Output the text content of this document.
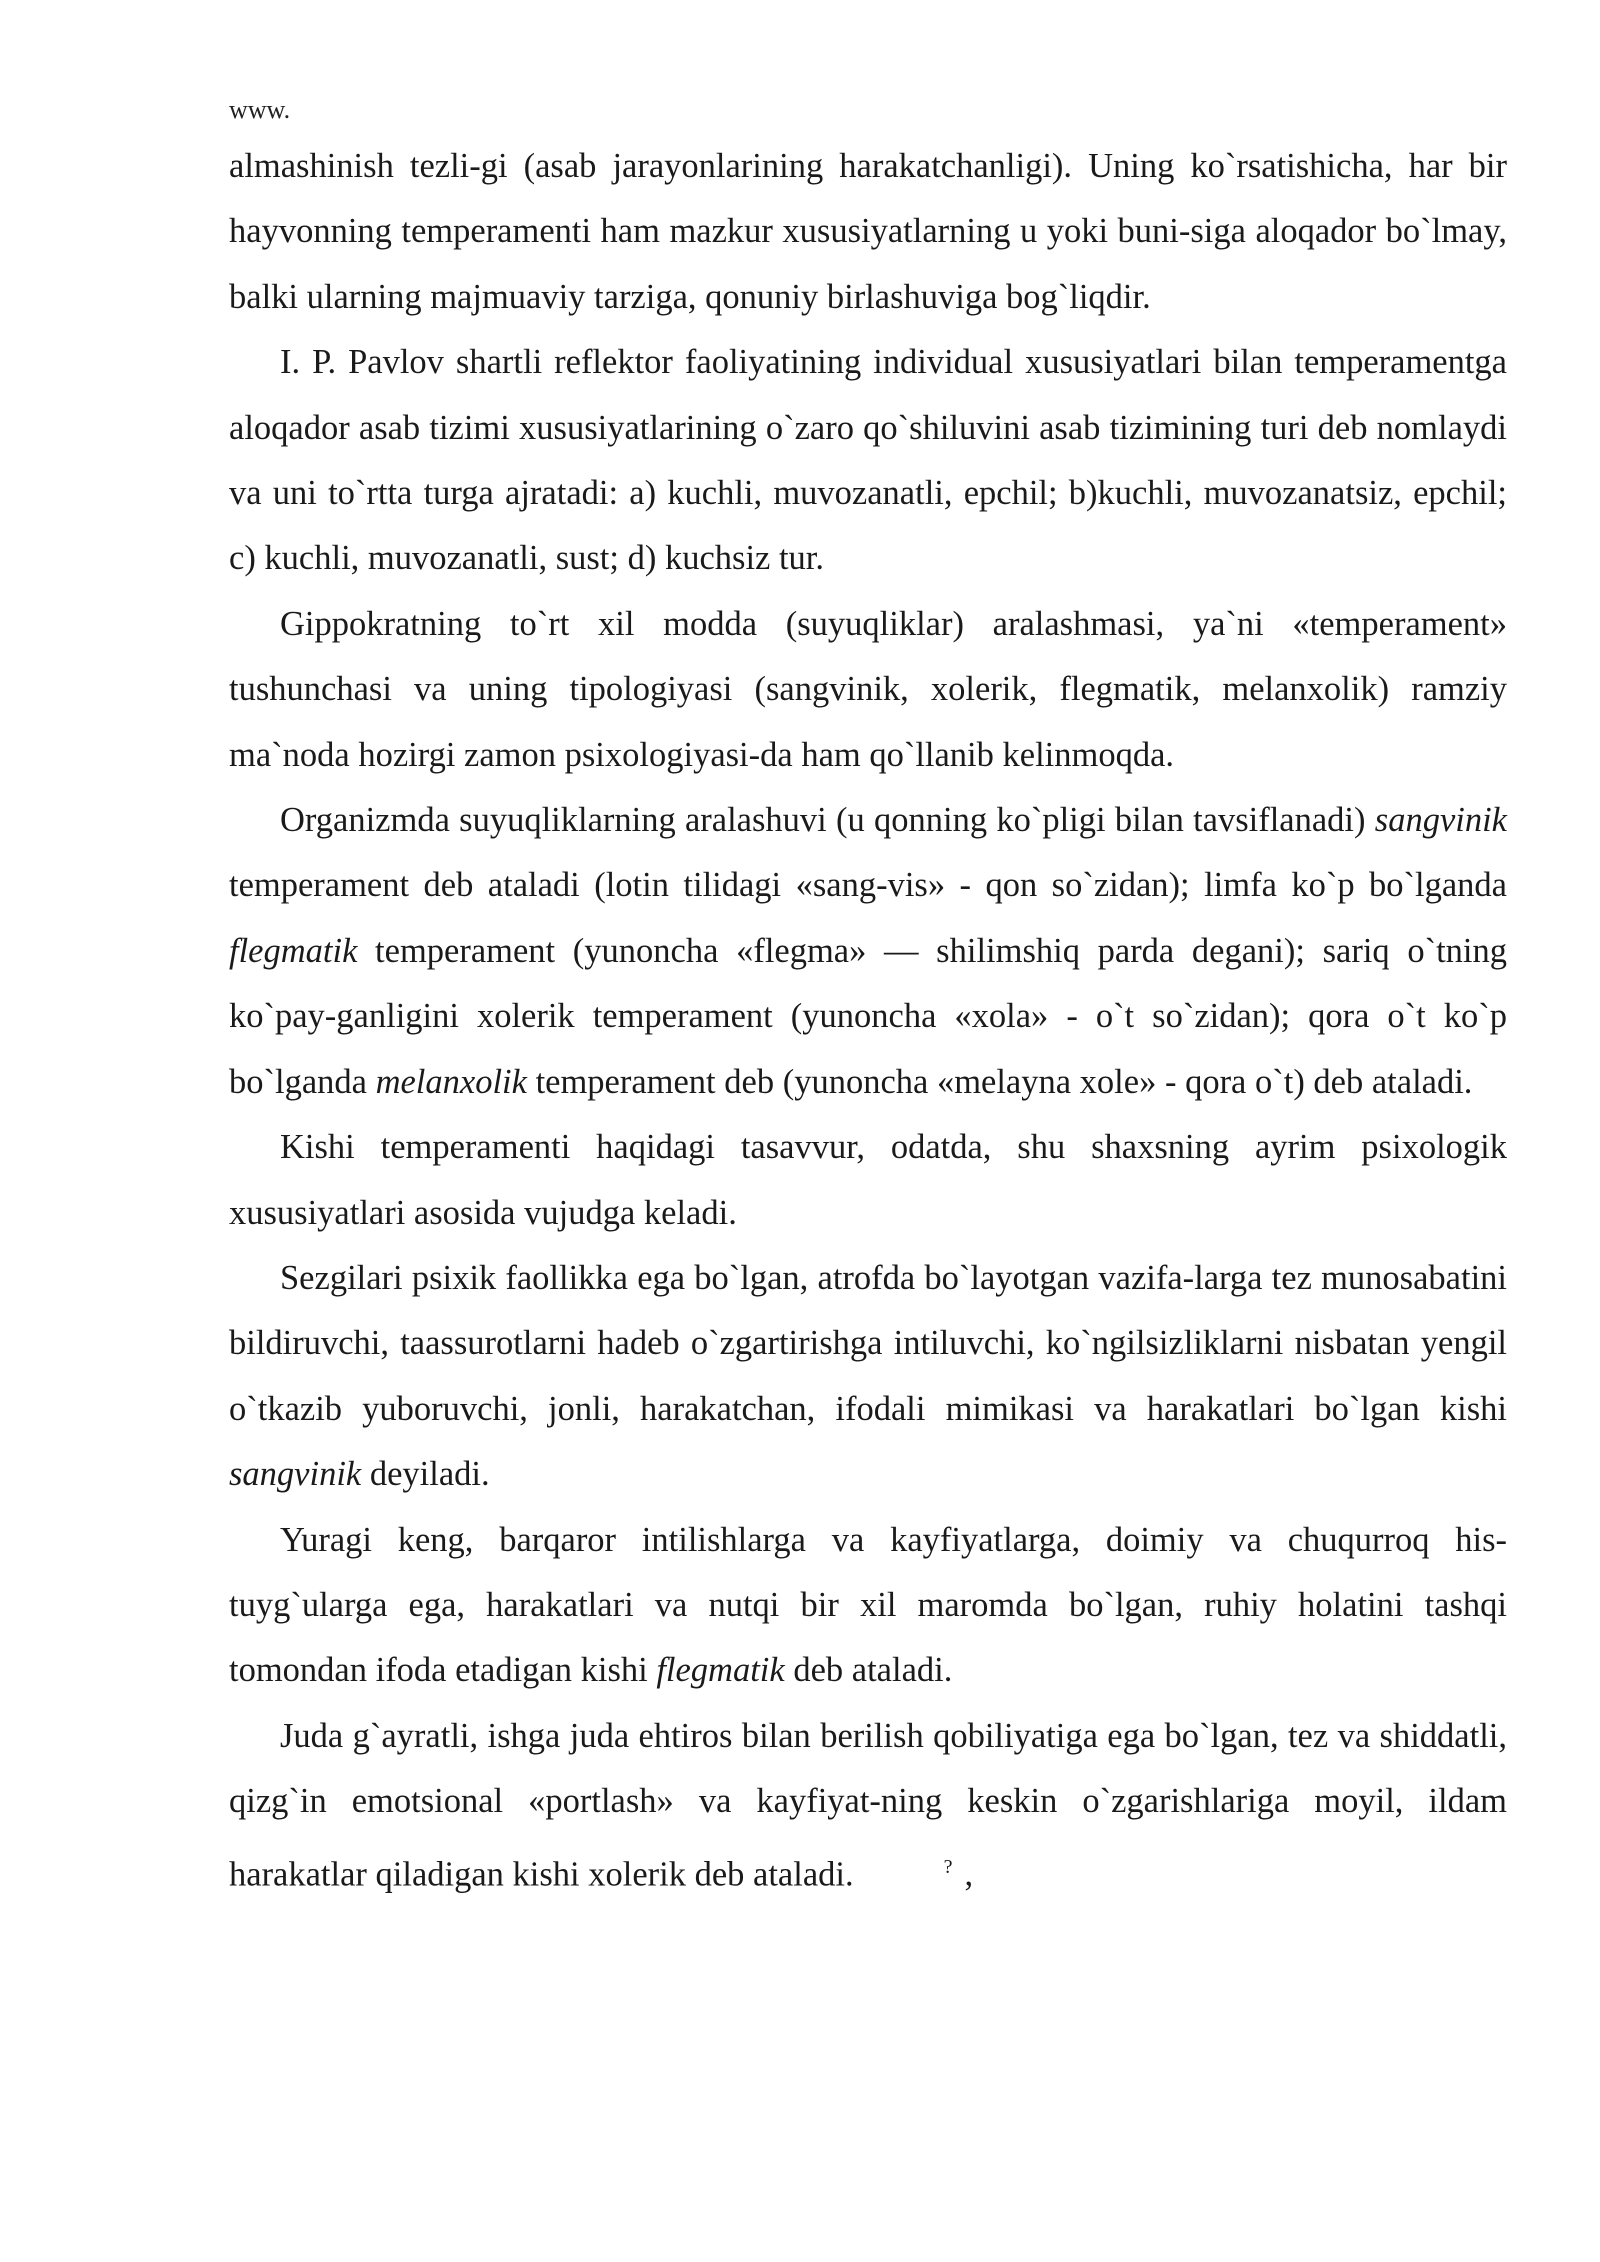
www.

almashinish tezli-gi (asab jarayonlarining harakatchanligi). Uning ko`rsatishicha, har bir hayvonning temperamenti ham mazkur xususiyatlarning u yoki buni-siga aloqador bo`lmay, balki ularning majmuaviy tarziga, qonuniy birlashuviga bog`liqdir.

I. P. Pavlov shartli reflektor faoliyatining individual xususiyatlari bilan temperamentga aloqador asab tizimi xususiyatlarining o`zaro qo`shiluvini asab tizimining turi deb nomlaydi va uni to`rtta turga ajratadi: a) kuchli, muvozanatli, epchil; b)kuchli, muvozanatsiz, epchil; c) kuchli, muvozanatli, sust; d) kuchsiz tur.

Gippokratning to`rt xil modda (suyuqliklar) aralashmasi, ya`ni «temperament» tushunchasi va uning tipologiyasi (sangvinik, xolerik, flegmatik, melanxolik) ramziy ma`noda hozirgi zamon psixologiyasi-da ham qo`llanib kelinmoqda.

Organizmda suyuqliklarning aralashuvi (u qonning ko`pligi bilan tavsiflanadi) sangvinik temperament deb ataladi (lotin tilidagi «sang-vis» - qon so`zidan); limfa ko`p bo`lganda flegmatik temperament (yunoncha «flegma» — shilimshiq parda degani); sariq o`tning ko`pay-ganligini xolerik temperament (yunoncha «xola» - o`t so`zidan); qora o`t ko`p bo`lganda melanxolik temperament deb (yunoncha «melayna xole» - qora o`t) deb ataladi.

Kishi temperamenti haqidagi tasavvur, odatda, shu shaxsning ayrim psixologik xususiyatlari asosida vujudga keladi.

Sezgilari psixik faollikka ega bo`lgan, atrofda bo`layotgan vazifa-larga tez munosabatini bildiruvchi, taassurotlarni hadeb o`zgartirishga intiluvchi, ko`ngilsizliklarni nisbatan yengil o`tkazib yuboruvchi, jonli, harakatchan, ifodali mimikasi va harakatlari bo`lgan kishi sangvinik deyiladi.

Yuragi keng, barqaror intilishlarga va kayfiyatlarga, doimiy va chuqurroq his-tuyg`ularga ega, harakatlari va nutqi bir xil maromda bo`lgan, ruhiy holatini tashqi tomondan ifoda etadigan kishi flegmatik deb ataladi.

Juda g`ayratli, ishga juda ehtiros bilan berilish qobiliyatiga ega bo`lgan, tez va shiddatli, qizg`in emotsional «portlash» va kayfiyat-ning keskin o`zgarishlariga moyil, ildam harakatlar qiladigan kishi xolerik deb ataladi.	? ,
